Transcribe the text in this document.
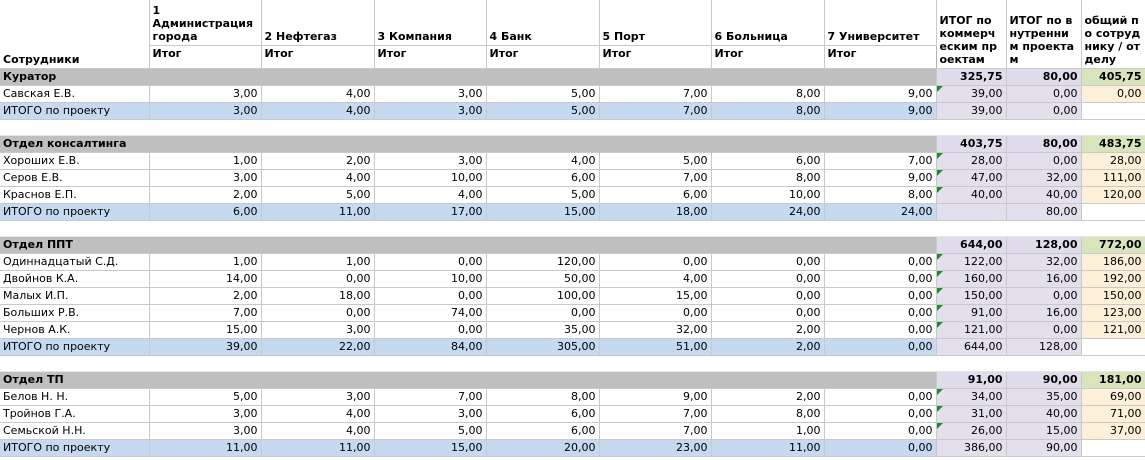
Сотрудники	1 Администрация города	2 Нефтегаз	3 Компания	4 Банк	5 Порт	6 Больница	7 Университет	ИТОГ по коммерческим проектам	ИТОГ по внутренним проектам	общий по сотруднику / отделу
	Итог	Итог	Итог	Итог	Итог	Итог	Итог			
Куратор								325,75	80,00	405,75
Савская Е.В.	3,00	4,00	3,00	5,00	7,00	8,00	9,00	39,00	0,00	0,00
ИТОГО по проекту	3,00	4,00	3,00	5,00	7,00	8,00	9,00	39,00	0,00	

Отдел консалтинга								403,75	80,00	483,75
Хороших Е.В.	1,00	2,00	3,00	4,00	5,00	6,00	7,00	28,00	0,00	28,00
Серов Е.В.	3,00	4,00	10,00	6,00	7,00	8,00	9,00	47,00	32,00	111,00
Краснов Е.П.	2,00	5,00	4,00	5,00	6,00	10,00	8,00	40,00	40,00	120,00
ИТОГО по проекту	6,00	11,00	17,00	15,00	18,00	24,00	24,00		80,00	

Отдел ППТ								644,00	128,00	772,00
Одиннадцатый С.Д.	1,00	1,00	0,00	120,00	0,00	0,00	0,00	122,00	32,00	186,00
Двойнов К.А.	14,00	0,00	10,00	50,00	4,00	0,00	0,00	160,00	16,00	192,00
Малых И.П.	2,00	18,00	0,00	100,00	15,00	0,00	0,00	150,00	0,00	150,00
Больших Р.В.	7,00	0,00	74,00	0,00	0,00	0,00	0,00	91,00	16,00	123,00
Чернов А.К.	15,00	3,00	0,00	35,00	32,00	2,00	0,00	121,00	0,00	121,00
ИТОГО по проекту	39,00	22,00	84,00	305,00	51,00	2,00	0,00	644,00	128,00	

Отдел ТП								91,00	90,00	181,00
Белов Н. Н.	5,00	3,00	7,00	8,00	9,00	2,00	0,00	34,00	35,00	69,00
Тройнов Г.А.	3,00	4,00	3,00	6,00	7,00	8,00	0,00	31,00	40,00	71,00
Семьской Н.Н.	3,00	4,00	5,00	6,00	7,00	1,00	0,00	26,00	15,00	37,00
ИТОГО по проекту	11,00	11,00	15,00	20,00	23,00	11,00	0,00	386,00	90,00	
